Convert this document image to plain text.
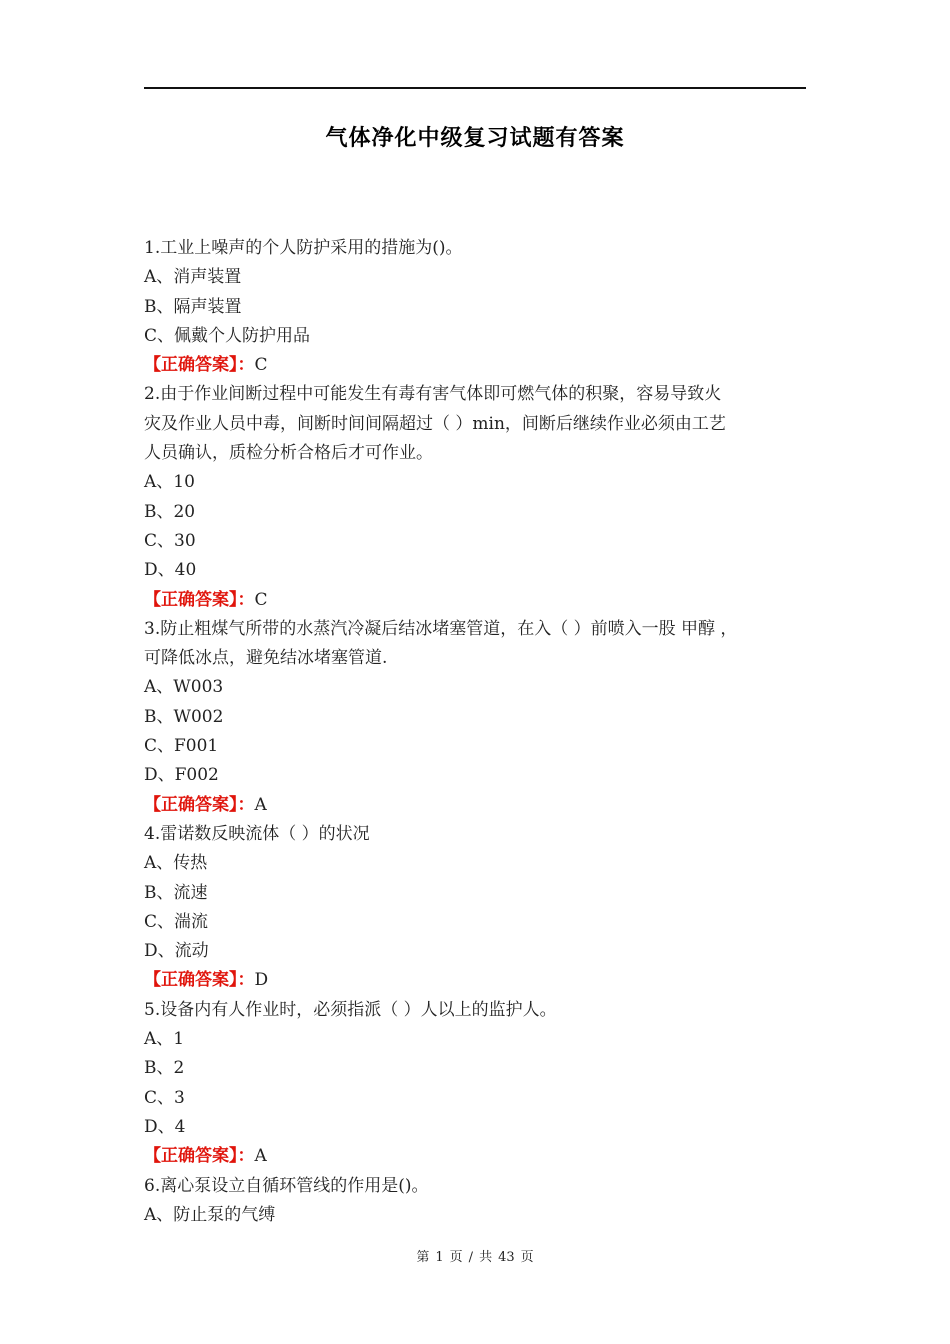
气体净化中级复习试题有答案
1.工业上噪声的个人防护采用的措施为()。
A、消声装置
B、隔声装置
C、佩戴个人防护用品
【正确答案】：C
2.由于作业间断过程中可能发生有毒有害气体即可燃气体的积聚，容易导致火
灾及作业人员中毒，间断时间间隔超过（ ）min，间断后继续作业必须由工艺
人员确认，质检分析合格后才可作业。
A、10
B、20
C、30
D、40
【正确答案】：C
3.防止粗煤气所带的水蒸汽冷凝后结冰堵塞管道，在入（ ）前喷入一股 甲醇 ，
可降低冰点，避免结冰堵塞管道.
A、W003
B、W002
C、F001
D、F002
【正确答案】：A
4.雷诺数反映流体（ ）的状况
A、传热
B、流速
C、湍流
D、流动
【正确答案】：D
5.设备内有人作业时，必须指派（ ）人以上的监护人。
A、1
B、2
C、3
D、4
【正确答案】：A
6.离心泵设立自循环管线的作用是()。
A、防止泵的气缚
第 1 页 / 共 43 页
